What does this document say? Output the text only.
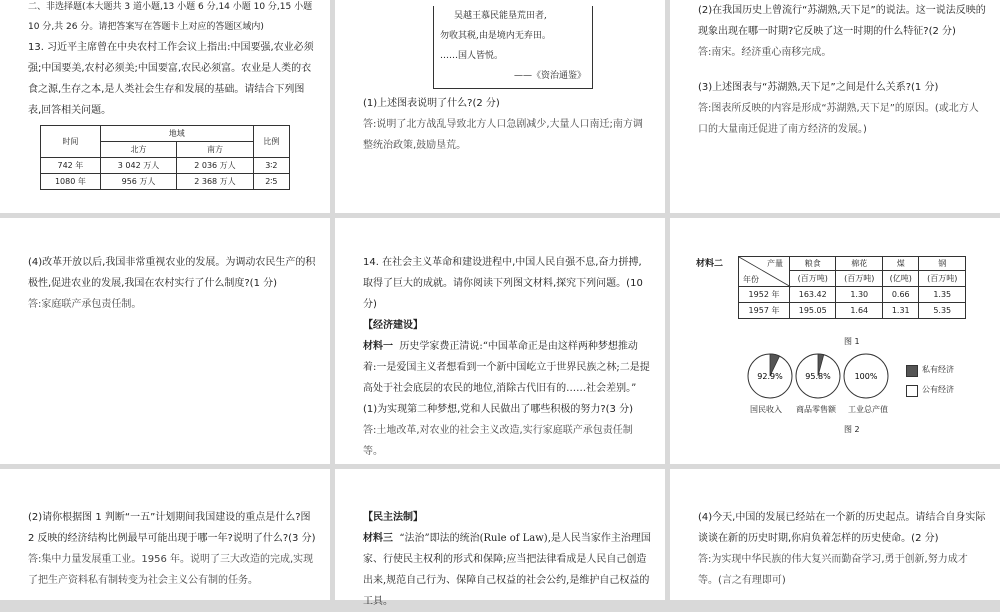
二、非选择题(本大题共 3 道小题,13 小题 6 分,14 小题 10 分,15 小题 10 分,共 26 分。请把答案写在答题卡上对应的答题区域内)

13. 习近平主席曾在中央农村工作会议上指出:中国要强,农业必须强;中国要美,农村必须美;中国要富,农民必须富。农业是人类的衣食之源,生存之本,是人类社会生存和发展的基础。请结合下列图表,回答相关问题。

时间	地域		比例
	北方	南方	
742 年	3 042 万人	2 036 万人	3∶2
1080 年	956 万人	2 368 万人	2∶5
吴越王慕民能垦荒田者,
勿收其税,由是境内无弃田。
……国人皆悦。
——《资治通鉴》

(1)上述图表说明了什么?(2 分)

答:说明了北方战乱导致北方人口急剧减少,大量人口南迁;南方调整统治政策,鼓励垦荒。

(2)在我国历史上曾流行“苏湖熟,天下足”的说法。这一说法反映的现象出现在哪一时期?它反映了这一时期的什么特征?(2 分)

答:南宋。经济重心南移完成。

(3)上述图表与“苏湖熟,天下足”之间是什么关系?(1 分)

答:图表所反映的内容是形成“苏湖熟,天下足”的原因。(或北方人口的大量南迁促进了南方经济的发展。)

(4)改革开放以后,我国非常重视农业的发展。为调动农民生产的积极性,促进农业的发展,我国在农村实行了什么制度?(1 分)

答:家庭联产承包责任制。

14. 在社会主义革命和建设进程中,中国人民自强不息,奋力拼搏,取得了巨大的成就。请你阅读下列图文材料,探究下列问题。(10 分)

【经济建设】

材料一 历史学家费正清说:“中国革命正是由这样两种梦想推动着:一是爱国主义者想看到一个新中国屹立于世界民族之林;二是提高处于社会底层的农民的地位,消除古代旧有的……社会差别。”

(1)为实现第二种梦想,党和人民做出了哪些积极的努力?(3 分)

答:土地改革,对农业的社会主义改造,实行家庭联产承包责任制等。

材料二	产量
年份	粮食	棉花	煤	钢
	(百万吨)	(百万吨)	(亿吨)	(百万吨)
1952 年	163.42	1.30	0.66	1.35
1957 年	195.05	1.64	1.31	5.35
图 1
92.9%	95.8%	100%
国民收入 商品零售额 工业总产值
私有经济
公有经济
图 2

(2)请你根据图 1 判断“一五”计划期间我国建设的重点是什么?图 2 反映的经济结构比例最早可能出现于哪一年?说明了什么?(3 分)

答:集中力量发展重工业。1956 年。说明了三大改造的完成,实现了把生产资料私有制转变为社会主义公有制的任务。

【民主法制】

材料三 “法治”即法的统治(Rule of Law),是人民当家作主治理国家、行使民主权利的形式和保障;应当把法律看成是人民自己创造出来,规范自己行为、保障自己权益的社会公约,是维护自己权益的工具。

(4)今天,中国的发展已经站在一个新的历史起点。请结合自身实际谈谈在新的历史时期,你肩负着怎样的历史使命。(2 分)

答:为实现中华民族的伟大复兴而勤奋学习,勇于创新,努力成才等。(言之有理即可)
